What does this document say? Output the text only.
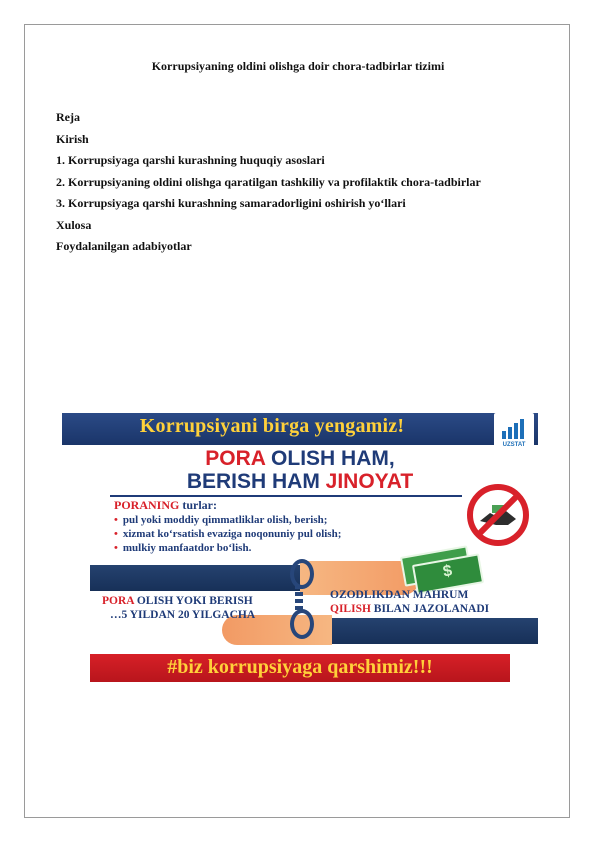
Korrupsiyaning oldini olishga doir chora-tadbirlar tizimi
Reja
Kirish
1. Korrupsiyaga qarshi kurashning huquqiy asoslari
2. Korrupsiyaning oldini olishga qaratilgan tashkiliy va profilaktik chora-tadbirlar
3. Korrupsiyaga qarshi kurashning samaradorligini oshirish yo‘llari
Xulosa
Foydalanilgan adabiyotlar
Korrupsiyani birga yengamiz!
UZSTAT
PORA OLISH HAM,
BERISH HAM JINOYAT
PORANING turlar:
• pul yoki moddiy qimmatliklar olish, berish;
• xizmat ko‘rsatish evaziga noqonuniy pul olish;
• mulkiy manfaatdor bo‘lish.
$
PORA OLISH YOKI BERISH
…5 YILDAN 20 YILGACHA
OZODLIKDAN MAHRUM
QILISH BILAN JAZOLANADI
#biz korrupsiyaga qarshimiz!!!
